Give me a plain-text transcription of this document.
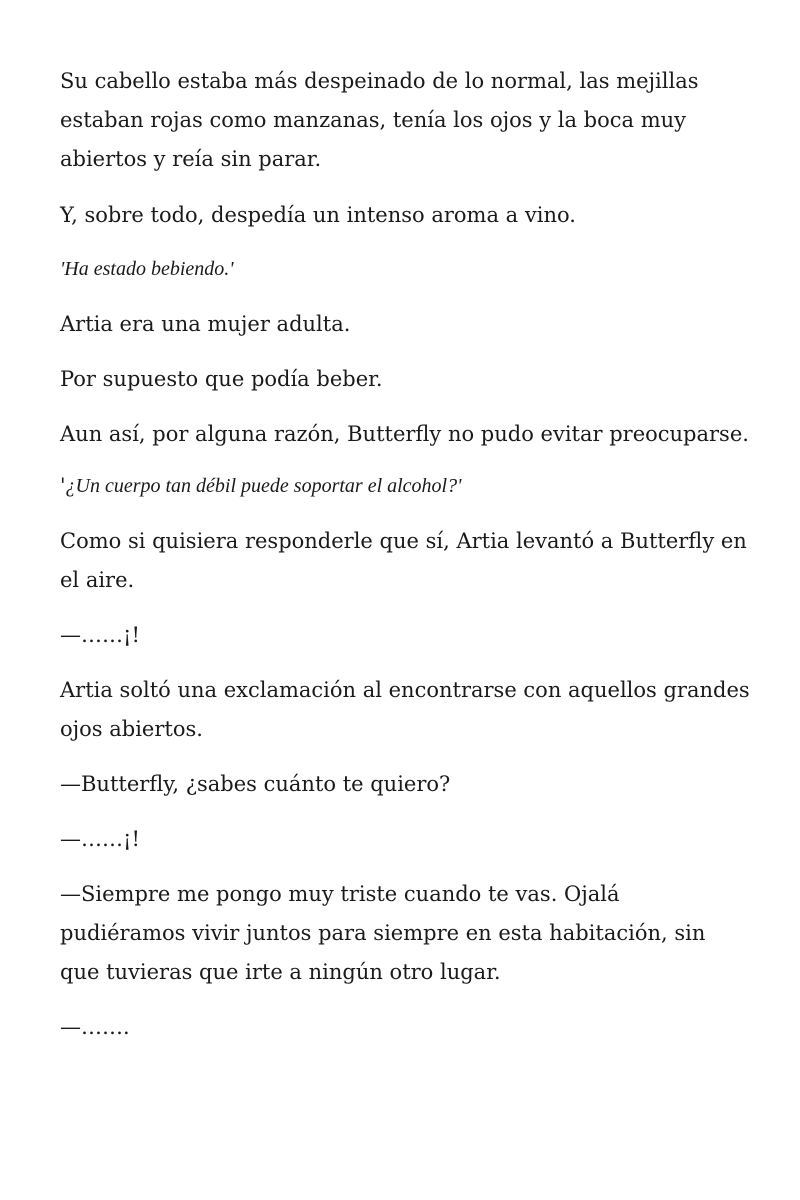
Su cabello estaba más despeinado de lo normal, las mejillas estaban rojas como manzanas, tenía los ojos y la boca muy abiertos y reía sin parar.

Y, sobre todo, despedía un intenso aroma a vino.

'Ha estado bebiendo.'

Artia era una mujer adulta.

Por supuesto que podía beber.

Aun así, por alguna razón, Butterfly no pudo evitar preocuparse.

'¿Un cuerpo tan débil puede soportar el alcohol?'

Como si quisiera responderle que sí, Artia levantó a Butterfly en el aire.

—……¡!

Artia soltó una exclamación al encontrarse con aquellos grandes ojos abiertos.

—Butterfly, ¿sabes cuánto te quiero?

—……¡!

—Siempre me pongo muy triste cuando te vas. Ojalá pudiéramos vivir juntos para siempre en esta habitación, sin que tuvieras que irte a ningún otro lugar.

—…….
